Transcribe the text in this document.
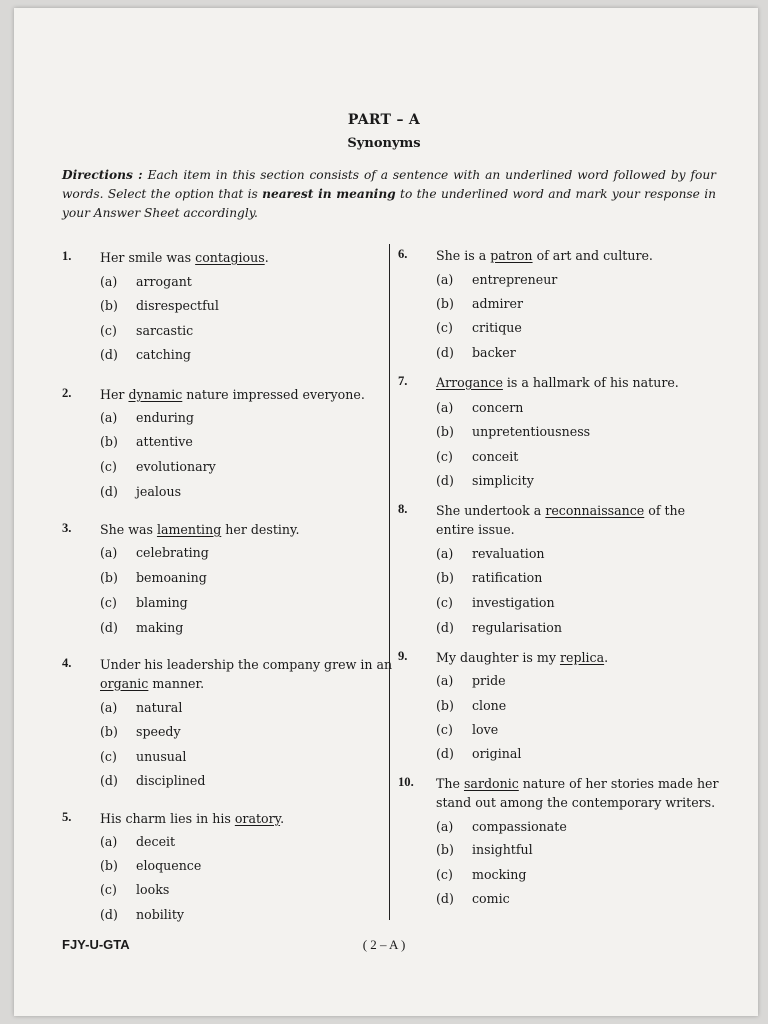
PART – A
Synonyms
Directions : Each item in this section consists of a sentence with an underlined word followed by four words. Select the option that is nearest in meaning to the underlined word and mark your response in your Answer Sheet accordingly.
1. Her smile was contagious.
(a) arrogant
(b) disrespectful
(c) sarcastic
(d) catching
2. Her dynamic nature impressed everyone.
(a) enduring
(b) attentive
(c) evolutionary
(d) jealous
3. She was lamenting her destiny.
(a) celebrating
(b) bemoaning
(c) blaming
(d) making
4. Under his leadership the company grew in an organic manner.
(a) natural
(b) speedy
(c) unusual
(d) disciplined
5. His charm lies in his oratory.
(a) deceit
(b) eloquence
(c) looks
(d) nobility
6. She is a patron of art and culture.
(a) entrepreneur
(b) admirer
(c) critique
(d) backer
7. Arrogance is a hallmark of his nature.
(a) concern
(b) unpretentiousness
(c) conceit
(d) simplicity
8. She undertook a reconnaissance of the entire issue.
(a) revaluation
(b) ratification
(c) investigation
(d) regularisation
9. My daughter is my replica.
(a) pride
(b) clone
(c) love
(d) original
10. The sardonic nature of her stories made her stand out among the contemporary writers.
(a) compassionate
(b) insightful
(c) mocking
(d) comic
FJY-U-GTA	( 2 – A )
